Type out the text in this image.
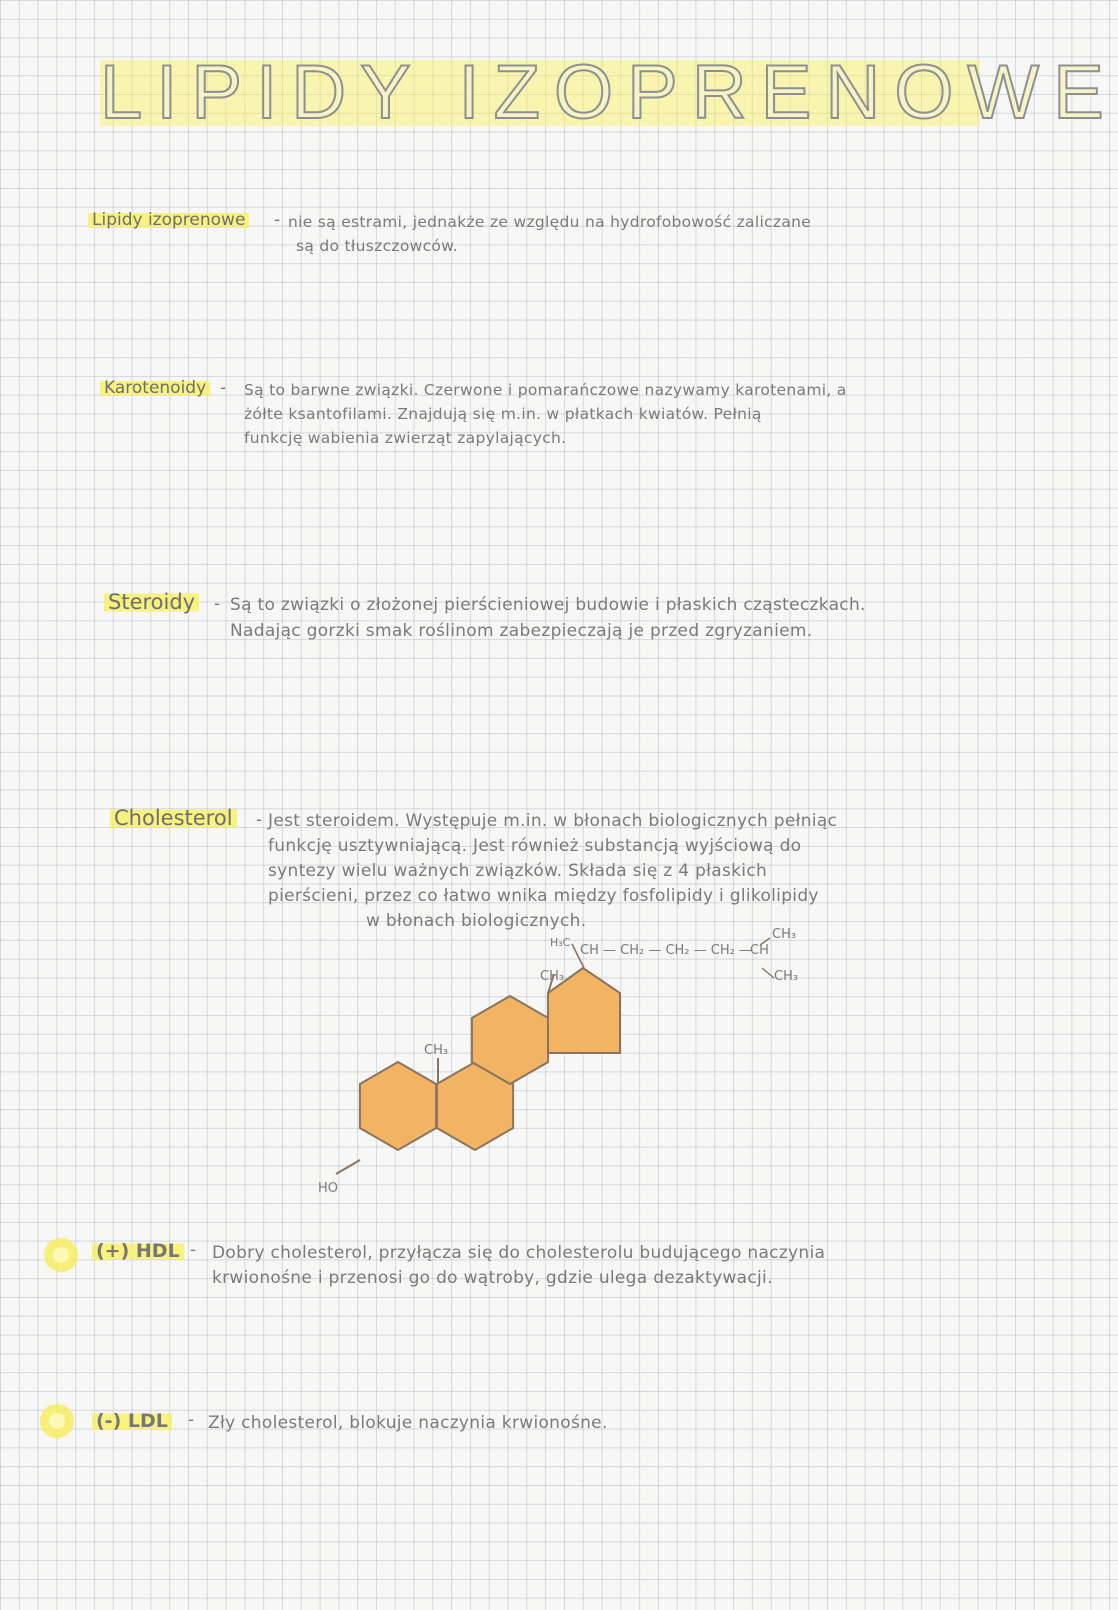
LIPIDY IZOPRENOWE
Lipidy izoprenowe - nie są estrami, jednakże ze względu na hydrofobowość zaliczane
są do tłuszczowców.
Karotenoidy - Są to barwne związki. Czerwone i pomarańczowe nazywamy karotenami, a
żółte ksantofilami. Znajdują się m.in. w płatkach kwiatów. Pełnią
funkcję wabienia zwierząt zapylających.
Steroidy - Są to związki o złożonej pierścieniowej budowie i płaskich cząsteczkach.
Nadając gorzki smak roślinom zabezpieczają je przed zgryzaniem.
Cholesterol - Jest steroidem. Występuje m.in. w błonach biologicznych pełniąc
funkcję usztywniającą. Jest również substancją wyjściową do
syntezy wielu ważnych związków. Składa się z 4 płaskich
pierścieni, przez co łatwo wnika między fosfolipidy i glikolipidy
w błonach biologicznych.
HO
CH₃
CH₃
H₃C
CH — CH₂ — CH₂ — CH₂ —
CH
CH₃
CH₃
(+) HDL - Dobry cholesterol, przyłącza się do cholesterolu budującego naczynia
krwionośne i przenosi go do wątroby, gdzie ulega dezaktywacji.
(-) LDL - Zły cholesterol, blokuje naczynia krwionośne.
